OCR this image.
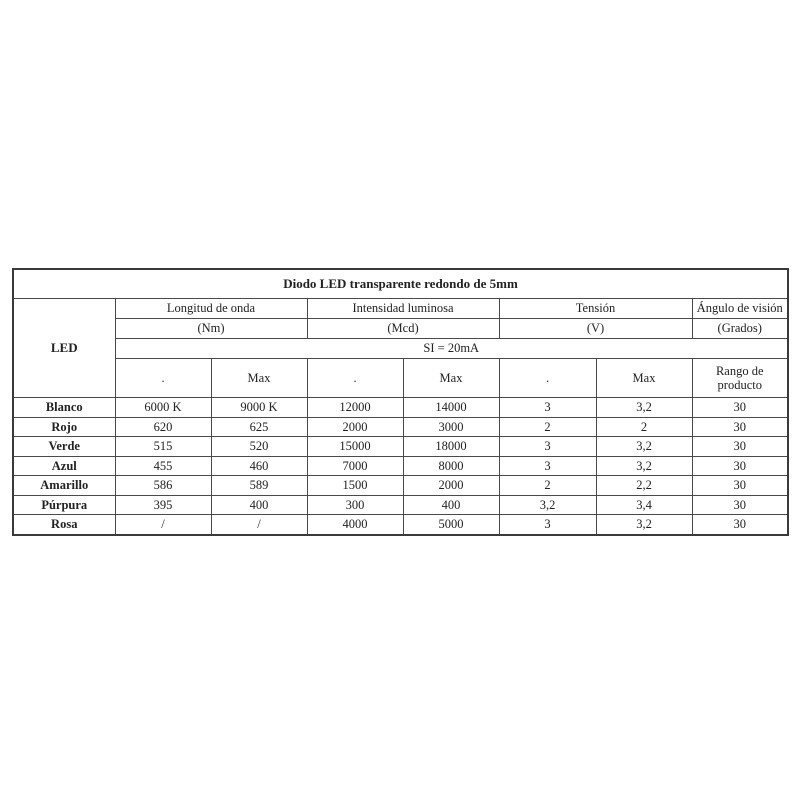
Diodo LED transparente redondo de 5mm							
LED	Longitud de onda		Intensidad luminosa		Tensión		Ángulo de visión
	(Nm)		(Mcd)		(V)		(Grados)
	SI = 20mA						
	.	Max	.	Max	.	Max	Rango de producto
Blanco	6000 K	9000 K	12000	14000	3	3,2	30
Rojo	620	625	2000	3000	2	2	30
Verde	515	520	15000	18000	3	3,2	30
Azul	455	460	7000	8000	3	3,2	30
Amarillo	586	589	1500	2000	2	2,2	30
Púrpura	395	400	300	400	3,2	3,4	30
Rosa	/	/	4000	5000	3	3,2	30
